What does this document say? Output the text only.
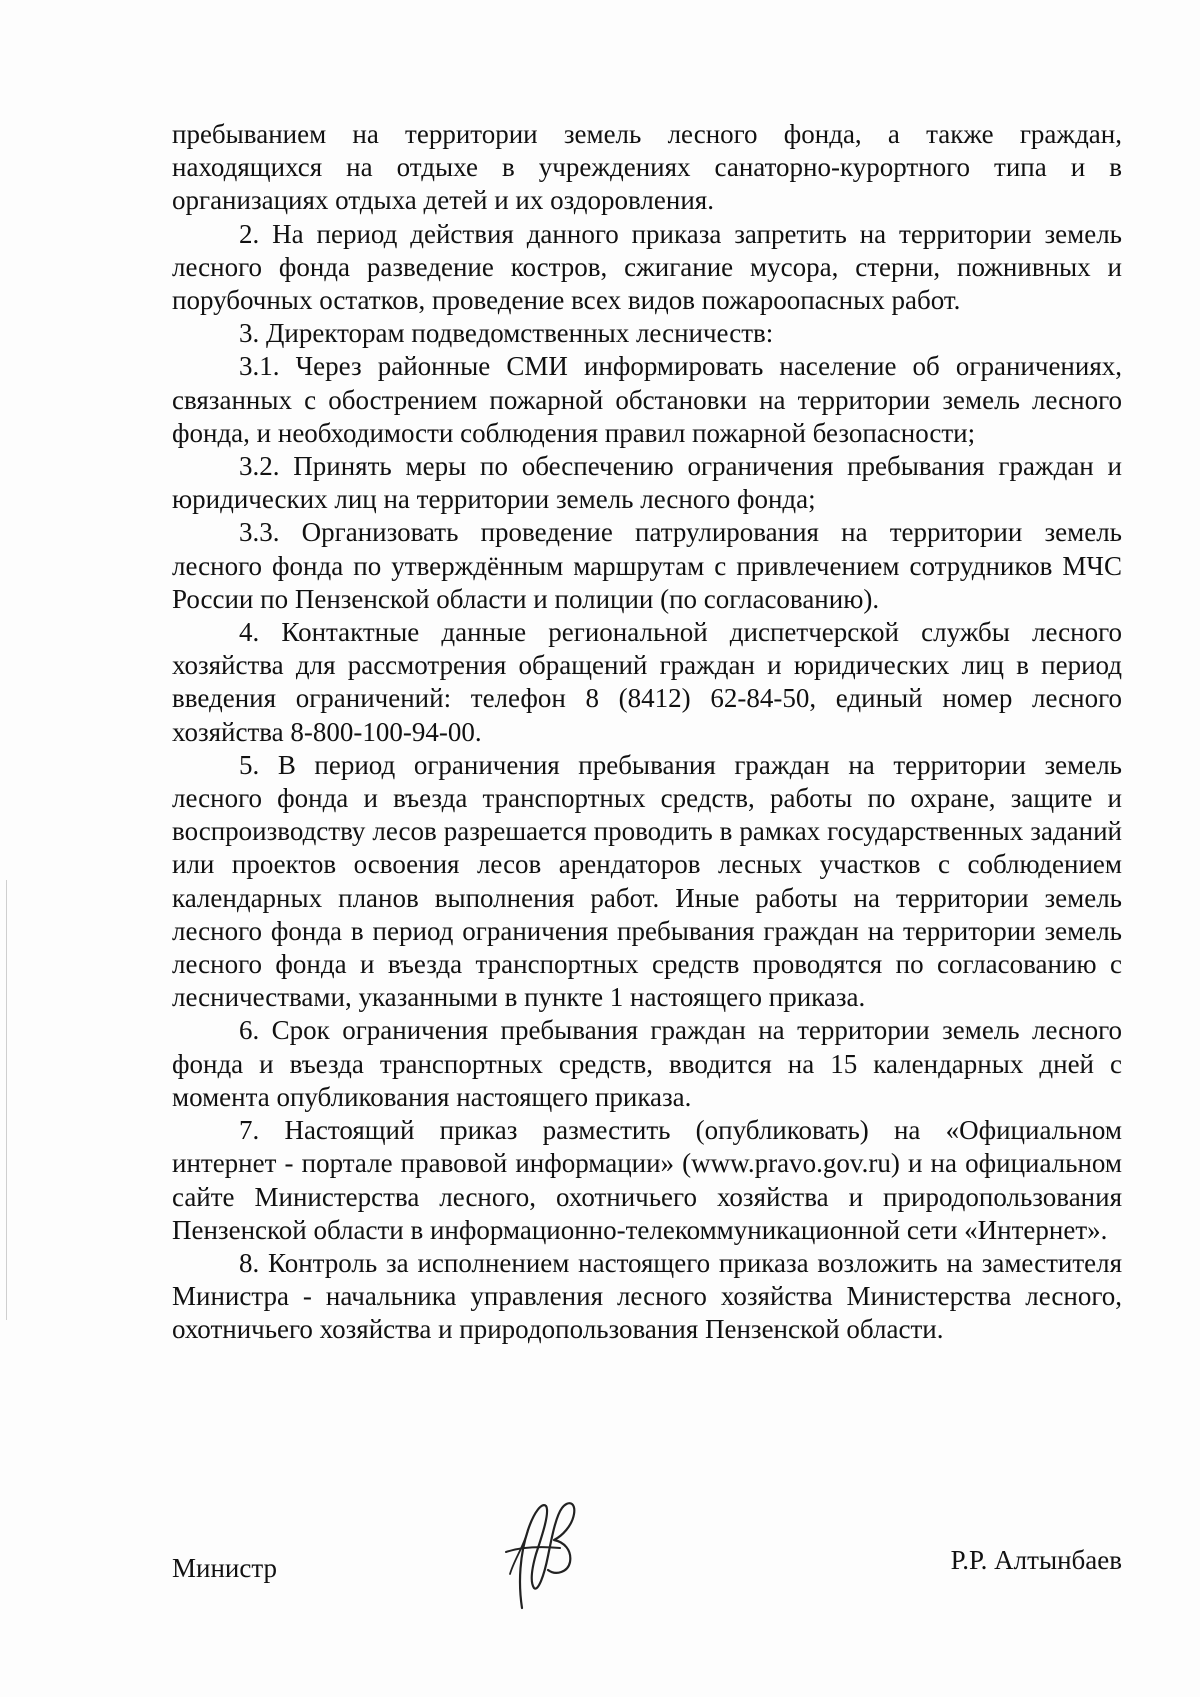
пребыванием на территории земель лесного фонда, а также граждан, находящихся на отдыхе в учреждениях санаторно-курортного типа и в организациях отдыха детей и их оздоровления.

2. На период действия данного приказа запретить на территории земель лесного фонда разведение костров, сжигание мусора, стерни, пожнивных и порубочных остатков, проведение всех видов пожароопасных работ.

3. Директорам подведомственных лесничеств:

3.1. Через районные СМИ информировать население об ограничениях, связанных с обострением пожарной обстановки на территории земель лесного фонда, и необходимости соблюдения правил пожарной безопасности;

3.2. Принять меры по обеспечению ограничения пребывания граждан и юридических лиц на территории земель лесного фонда;

3.3. Организовать проведение патрулирования на территории земель лесного фонда по утверждённым маршрутам с привлечением сотрудников МЧС России по Пензенской области и полиции (по согласованию).

4. Контактные данные региональной диспетчерской службы лесного хозяйства для рассмотрения обращений граждан и юридических лиц в период введения ограничений: телефон 8 (8412) 62-84-50, единый номер лесного хозяйства 8-800-100-94-00.

5. В период ограничения пребывания граждан на территории земель лесного фонда и въезда транспортных средств, работы по охране, защите и воспроизводству лесов разрешается проводить в рамках государственных заданий или проектов освоения лесов арендаторов лесных участков с соблюдением календарных планов выполнения работ. Иные работы на территории земель лесного фонда в период ограничения пребывания граждан на территории земель лесного фонда и въезда транспортных средств проводятся по согласованию с лесничествами, указанными в пункте 1 настоящего приказа.

6. Срок ограничения пребывания граждан на территории земель лесного фонда и въезда транспортных средств, вводится на 15 календарных дней с момента опубликования настоящего приказа.

7. Настоящий приказ разместить (опубликовать) на «Официальном интернет - портале правовой информации» (www.pravo.gov.ru) и на официальном сайте Министерства лесного, охотничьего хозяйства и природопользования Пензенской области в информационно-телекоммуникационной сети «Интернет».

8. Контроль за исполнением настоящего приказа возложить на заместителя Министра - начальника управления лесного хозяйства Министерства лесного, охотничьего хозяйства и природопользования Пензенской области.

Министр	Р.Р. Алтынбаев
